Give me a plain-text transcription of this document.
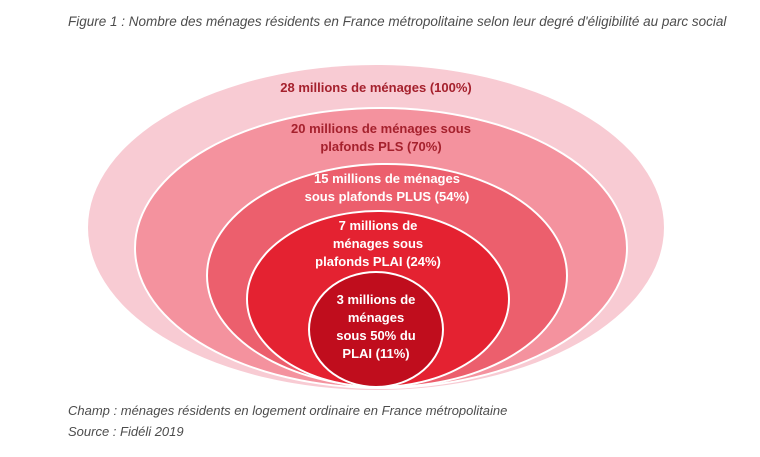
Figure 1 : Nombre des ménages résidents en France métropolitaine selon leur degré d'éligibilité au parc social
28 millions de ménages (100%)
20 millions de ménages sous
plafonds PLS (70%)
15 millions de ménages
sous plafonds PLUS (54%)
7 millions de
ménages sous
plafonds PLAI (24%)
3 millions de
ménages
sous 50% du
PLAI (11%)
Champ : ménages résidents en logement ordinaire en France métropolitaine
Source : Fidéli 2019
